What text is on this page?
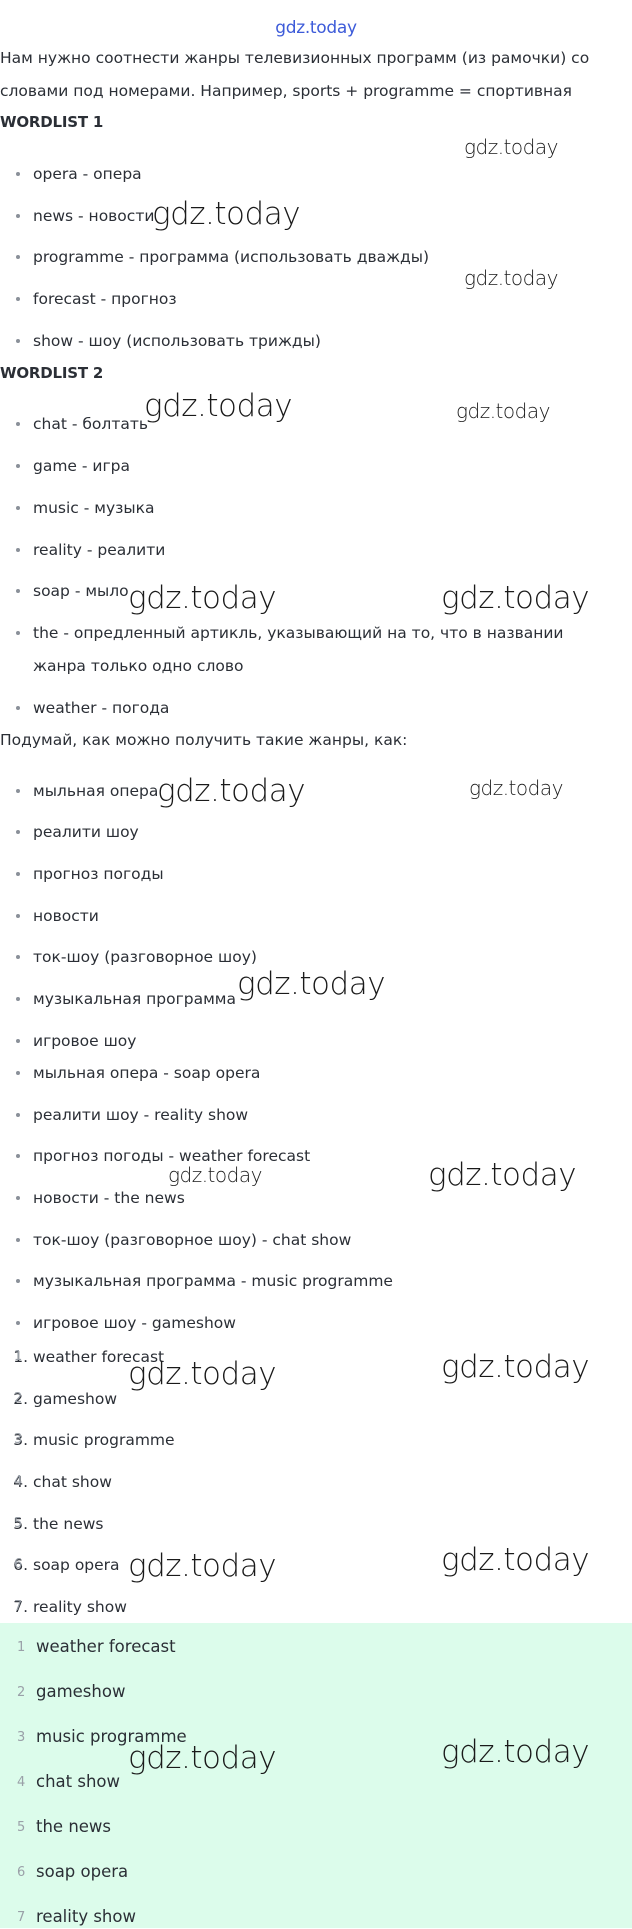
gdz.today

Нам нужно соотнести жанры телевизионных программ (из рамочки) со словами под номерами. Например, sports + programme = спортивная

WORDLIST 1
opera - опера
news - новости
programme - программа (использовать дважды)
forecast - прогноз
show - шоу (использовать трижды)
WORDLIST 2
chat - болтать
game - игра
music - музыка
reality - реалити
soap - мыло
the - опредленный артикль, указывающий на то, что в названии жанра только одно слово
weather - погода

Подумай, как можно получить такие жанры, как:

мыльная опера
реалити шоу
прогноз погоды
новости
ток-шоу (разговорное шоу)
музыкальная программа
игровое шоу
мыльная опера - soap opera
реалити шоу - reality show
прогноз погоды - weather forecast
новости - the news
ток-шоу (разговорное шоу) - chat show
музыкальная программа - music programme
игровое шоу - gameshow
1. 1 weather forecast
2. 2 gameshow
3. 3 music programme
4. 4 chat show
5. 5 the news
6. 6 soap opera
7. 7 reality show
1 weather forecast
2 gameshow
3 music programme
4 chat show
5 the news
6 soap opera
7 reality show
gdz.today
gdz.today
gdz.today
gdz.today	gdz.today
gdz.today	gdz.today
gdz.today	gdz.today
gdz.today
gdz.today	gdz.today
gdz.today	gdz.today
gdz.today	gdz.today
gdz.today	gdz.today
